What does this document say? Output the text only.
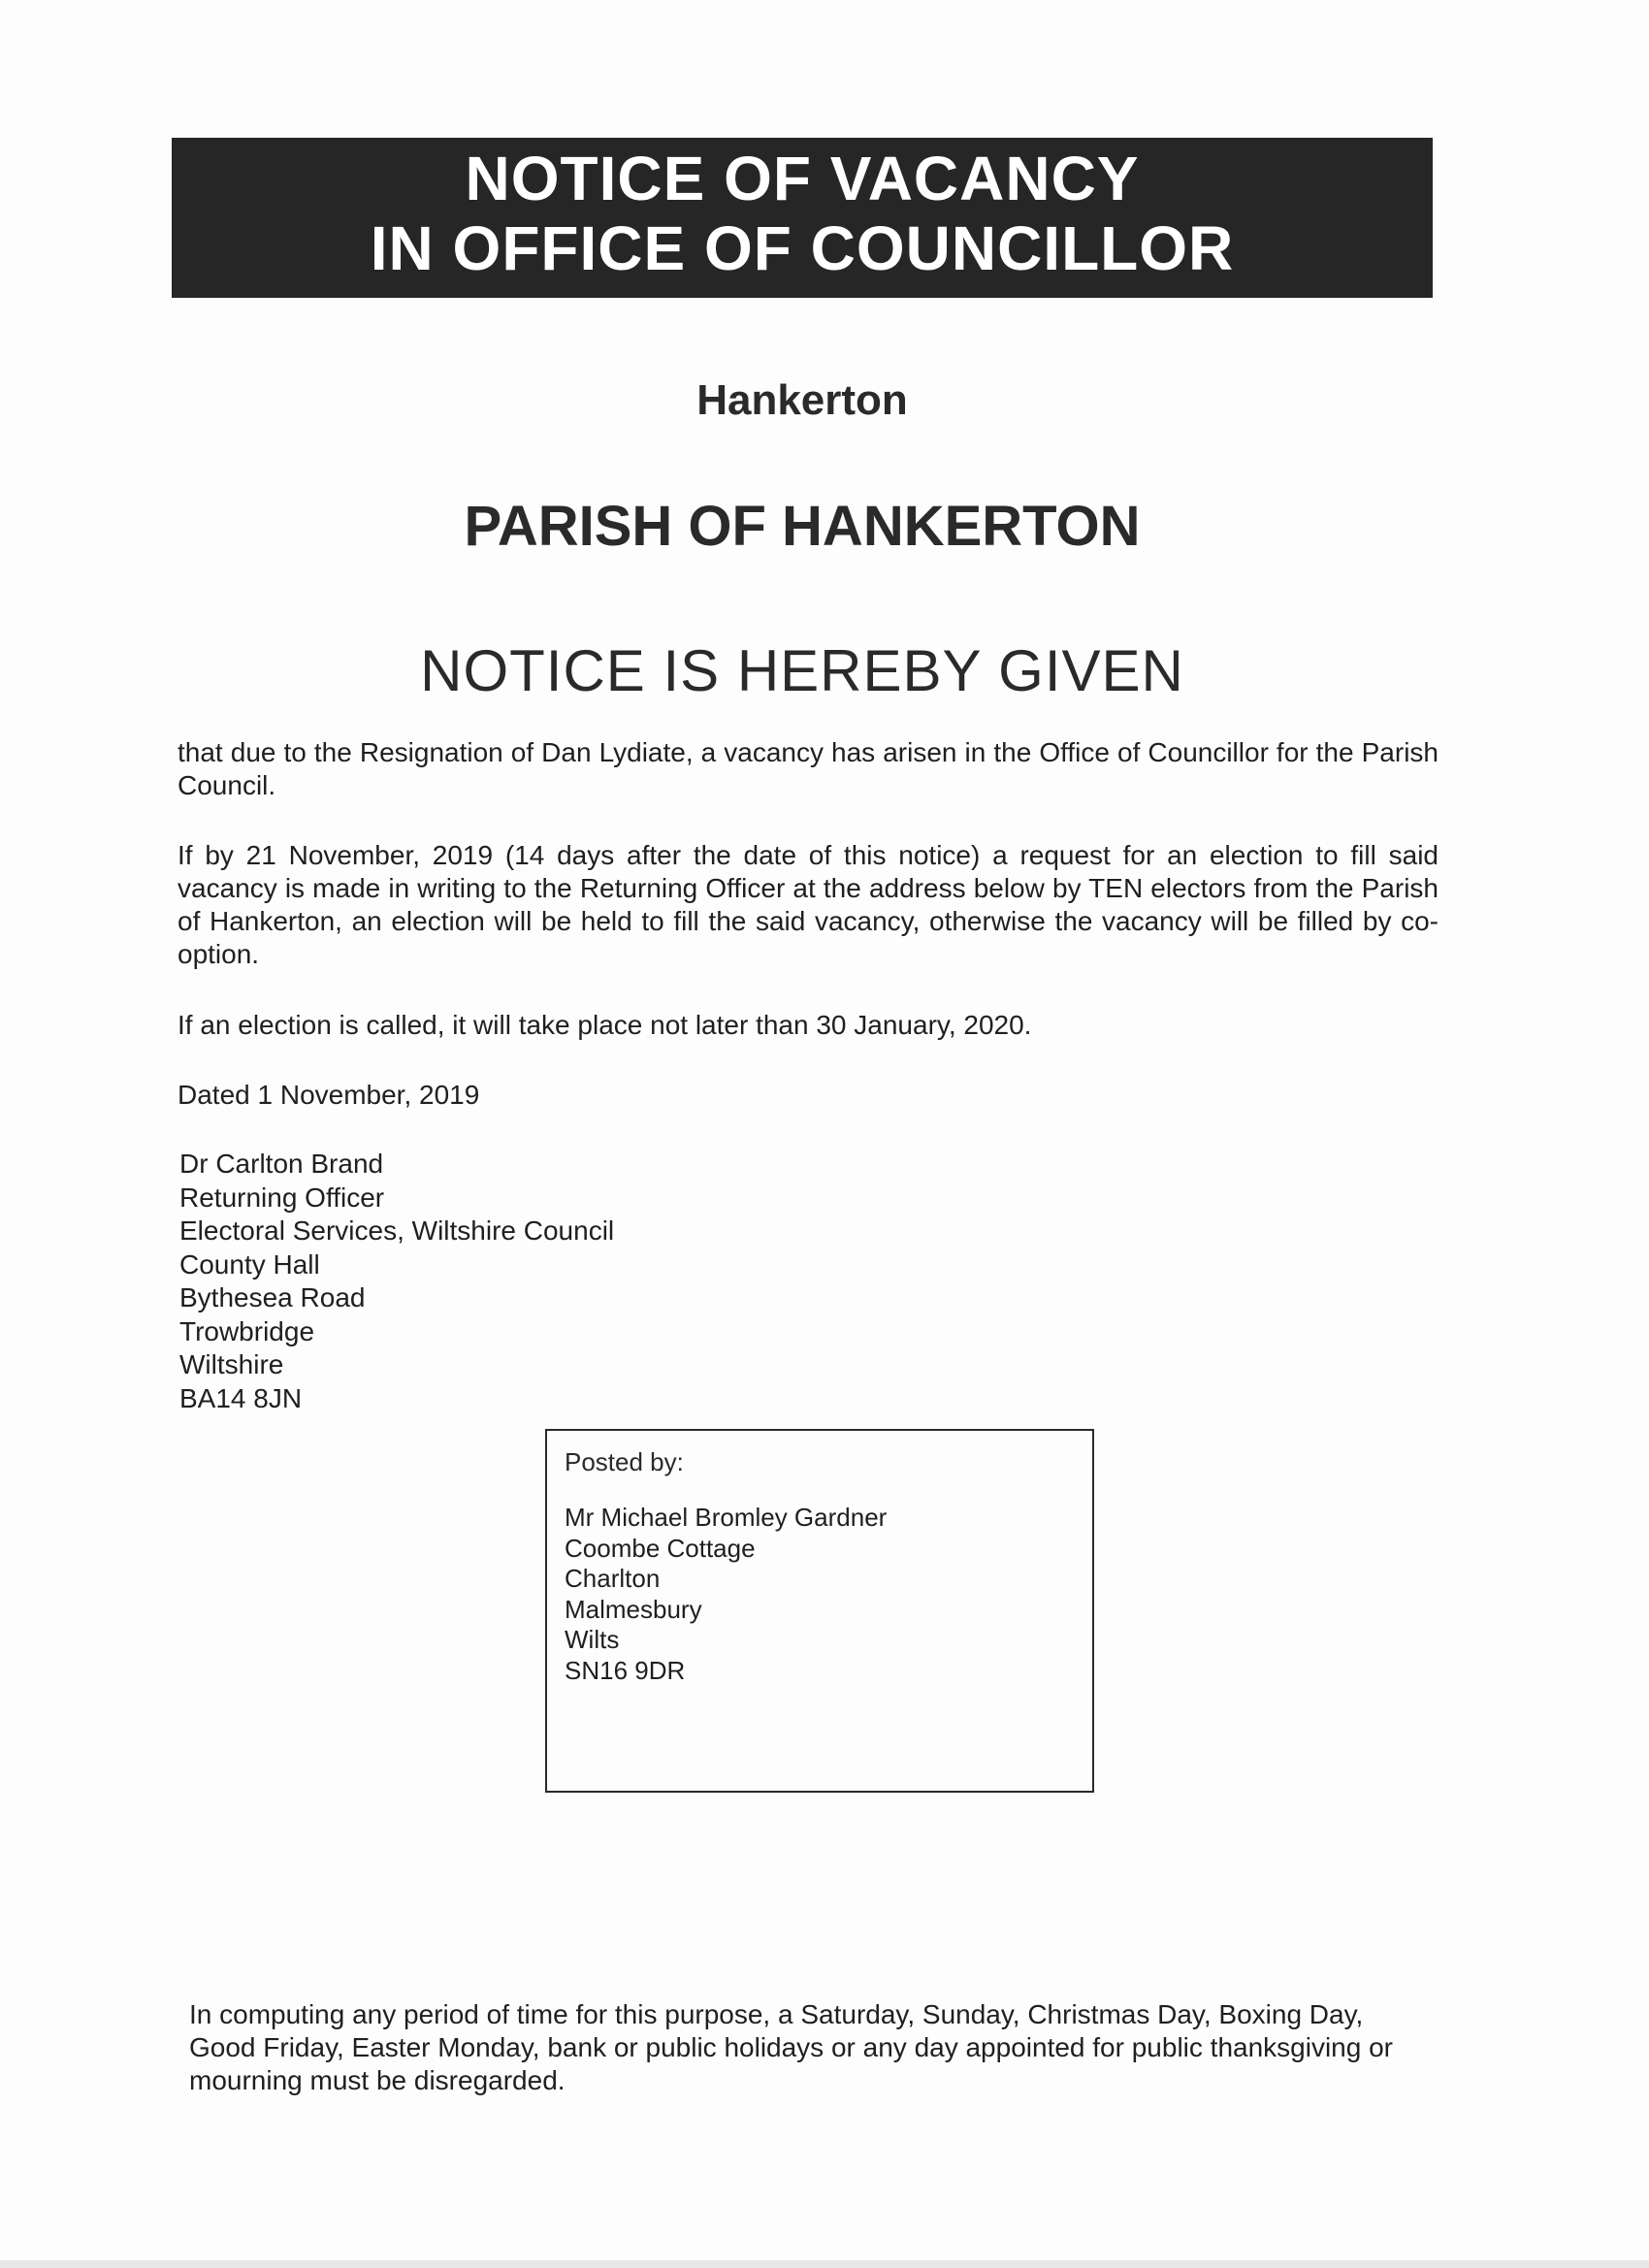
NOTICE OF VACANCY
IN OFFICE OF COUNCILLOR
Hankerton
PARISH OF HANKERTON
NOTICE IS HEREBY GIVEN
that due to the Resignation of Dan Lydiate, a vacancy has arisen in the Office of Councillor for the Parish Council.
If by 21 November, 2019 (14 days after the date of this notice) a request for an election to fill said vacancy is made in writing to the Returning Officer at the address below by TEN electors from the Parish of Hankerton, an election will be held to fill the said vacancy, otherwise the vacancy will be filled by co-option.
If an election is called, it will take place not later than 30 January, 2020.
Dated 1 November, 2019
Dr Carlton Brand
Returning Officer
Electoral Services, Wiltshire Council
County Hall
Bythesea Road
Trowbridge
Wiltshire
BA14 8JN
Posted by:
Mr Michael Bromley Gardner
Coombe Cottage
Charlton
Malmesbury
Wilts
SN16 9DR
In computing any period of time for this purpose, a Saturday, Sunday, Christmas Day, Boxing Day, Good Friday, Easter Monday, bank or public holidays or any day appointed for public thanksgiving or mourning must be disregarded.
